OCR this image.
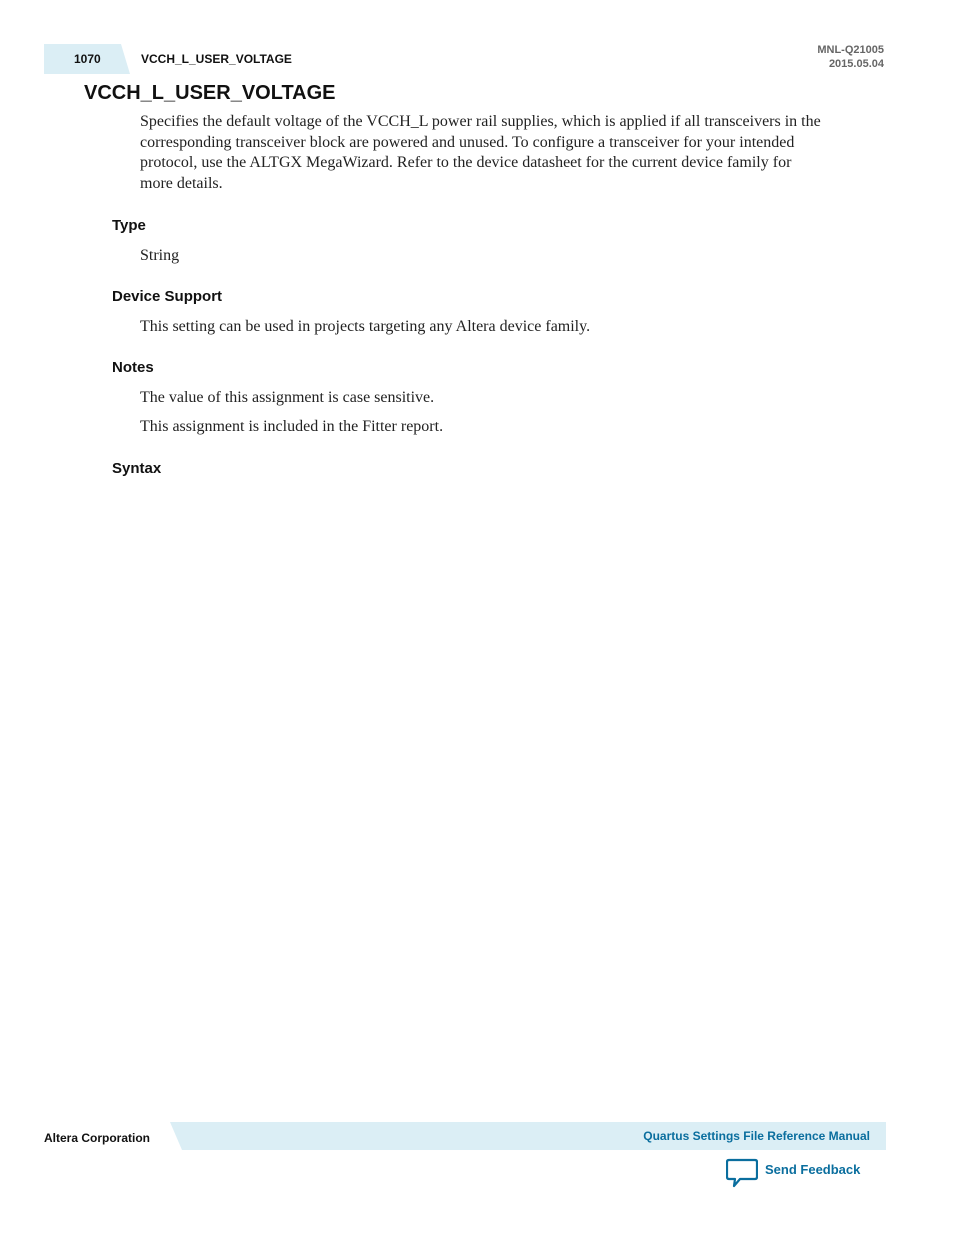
1070	VCCH_L_USER_VOLTAGE
MNL-Q21005
2015.05.04
VCCH_L_USER_VOLTAGE
Specifies the default voltage of the VCCH_L power rail supplies, which is applied if all transceivers in the
corresponding transceiver block are powered and unused. To configure a transceiver for your intended
protocol, use the ALTGX MegaWizard. Refer to the device datasheet for the current device family for
more details.
Type

String

Device Support

This setting can be used in projects targeting any Altera device family.

Notes

The value of this assignment is case sensitive.

This assignment is included in the Fitter report.

Syntax
Altera Corporation	Quartus Settings File Reference Manual
Send Feedback
